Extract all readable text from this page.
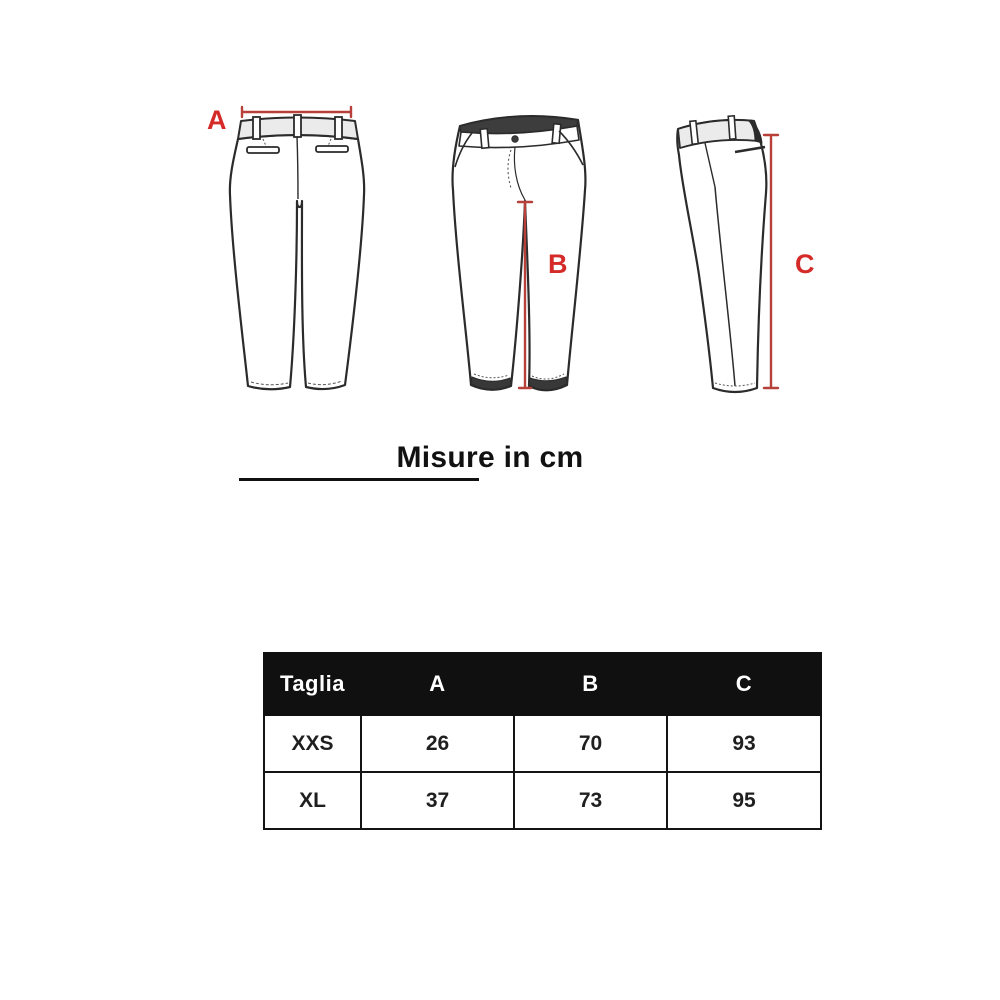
A
B	C
Misure in cm
Taglia	A	B	C
XXS	26	70	93
XL	37	73	95
